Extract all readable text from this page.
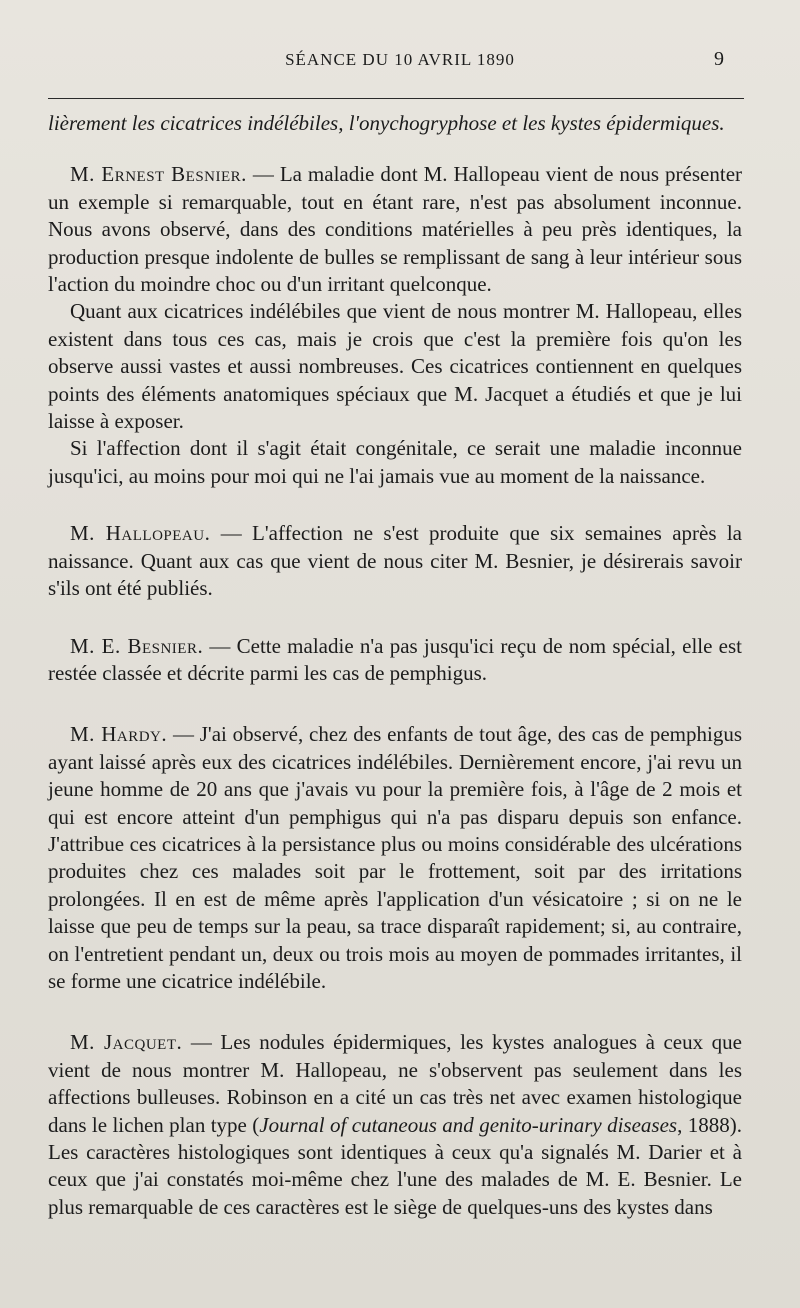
SÉANCE DU 10 AVRIL 1890	9

lièrement les cicatrices indélébiles, l'onychogryphose et les kystes épidermiques.

M. Ernest Besnier. — La maladie dont M. Hallopeau vient de nous présenter un exemple si remarquable, tout en étant rare, n'est pas absolument inconnue. Nous avons observé, dans des conditions matérielles à peu près identiques, la production presque indolente de bulles se remplissant de sang à leur intérieur sous l'action du moindre choc ou d'un irritant quelconque.

Quant aux cicatrices indélébiles que vient de nous montrer M. Hallopeau, elles existent dans tous ces cas, mais je crois que c'est la première fois qu'on les observe aussi vastes et aussi nombreuses. Ces cicatrices contiennent en quelques points des éléments anatomiques spéciaux que M. Jacquet a étudiés et que je lui laisse à exposer.

Si l'affection dont il s'agit était congénitale, ce serait une maladie inconnue jusqu'ici, au moins pour moi qui ne l'ai jamais vue au moment de la naissance.

M. Hallopeau. — L'affection ne s'est produite que six semaines après la naissance. Quant aux cas que vient de nous citer M. Besnier, je désirerais savoir s'ils ont été publiés.

M. E. Besnier. — Cette maladie n'a pas jusqu'ici reçu de nom spécial, elle est restée classée et décrite parmi les cas de pemphigus.

M. Hardy. — J'ai observé, chez des enfants de tout âge, des cas de pemphigus ayant laissé après eux des cicatrices indélébiles. Dernièrement encore, j'ai revu un jeune homme de 20 ans que j'avais vu pour la première fois, à l'âge de 2 mois et qui est encore atteint d'un pemphigus qui n'a pas disparu depuis son enfance. J'attribue ces cicatrices à la persistance plus ou moins considérable des ulcérations produites chez ces malades soit par le frottement, soit par des irritations prolongées. Il en est de même après l'application d'un vésicatoire ; si on ne le laisse que peu de temps sur la peau, sa trace disparaît rapidement; si, au contraire, on l'entretient pendant un, deux ou trois mois au moyen de pommades irritantes, il se forme une cicatrice indélébile.

M. Jacquet. — Les nodules épidermiques, les kystes analogues à ceux que vient de nous montrer M. Hallopeau, ne s'observent pas seulement dans les affections bulleuses. Robinson en a cité un cas très net avec examen histologique dans le lichen plan type (Journal of cutaneous and genito-urinary diseases, 1888). Les caractères histologiques sont identiques à ceux qu'a signalés M. Darier et à ceux que j'ai constatés moi-même chez l'une des malades de M. E. Besnier. Le plus remarquable de ces caractères est le siège de quelques-uns des kystes dans
